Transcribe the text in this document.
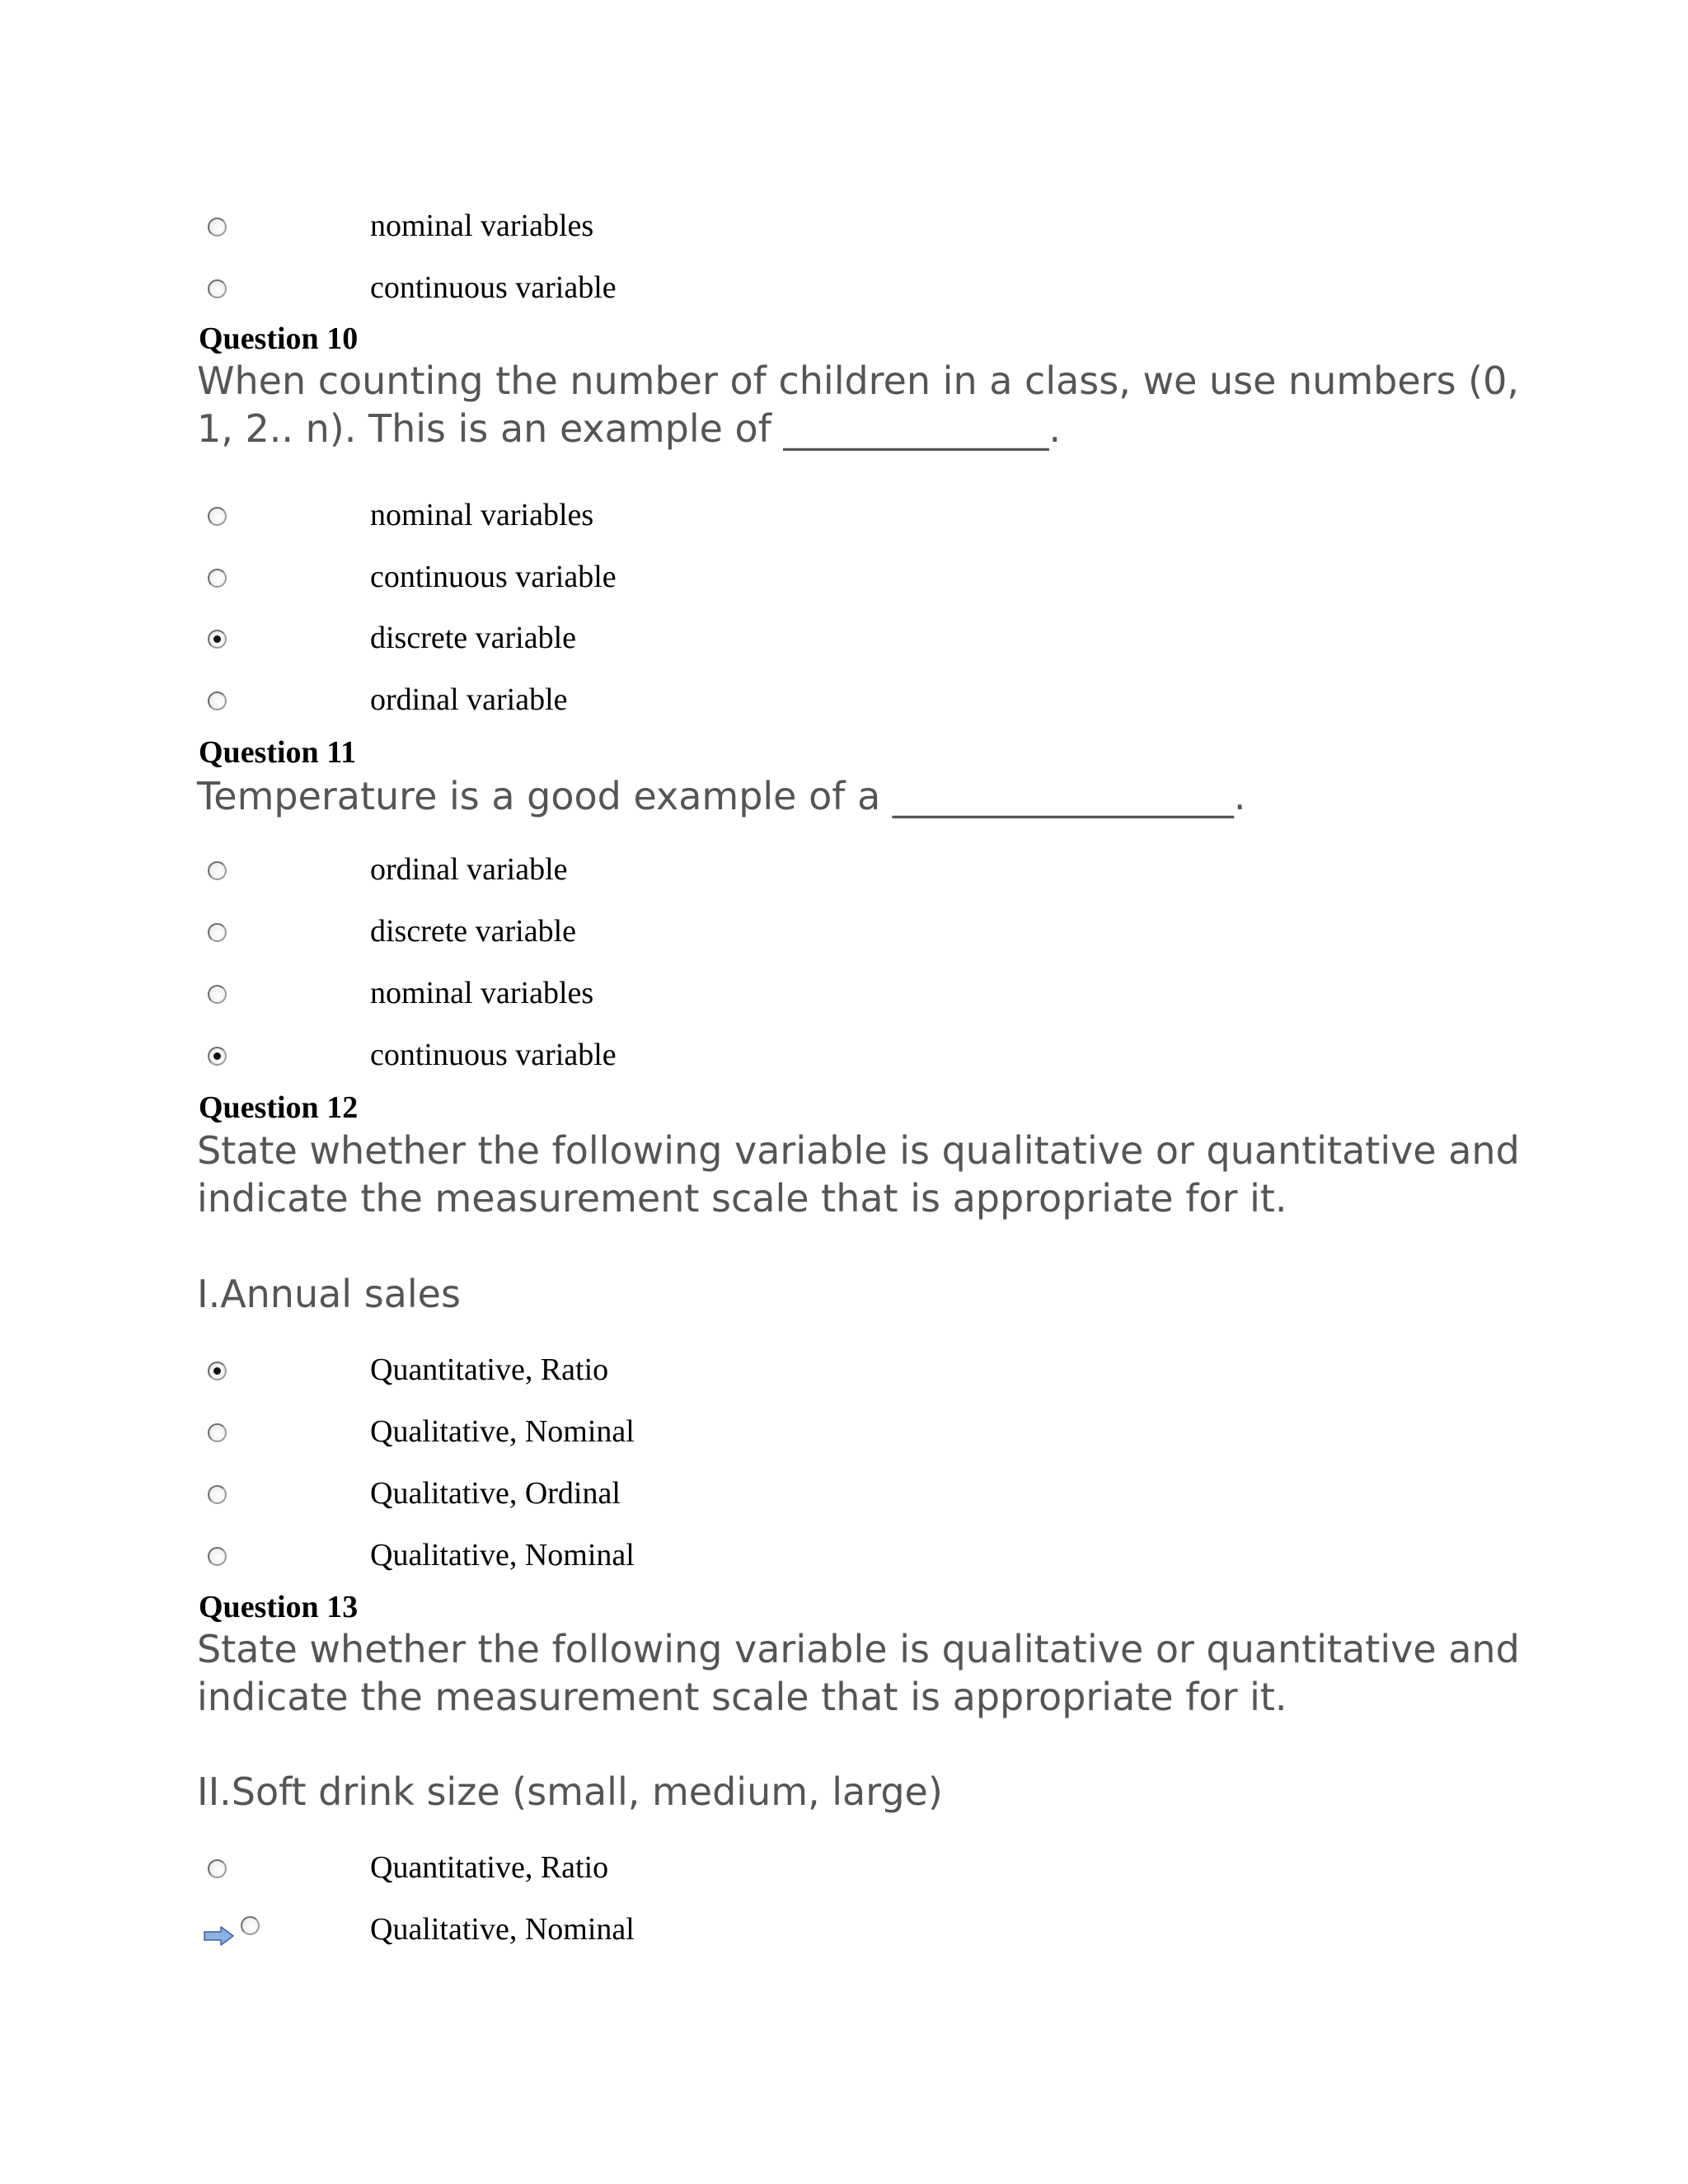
nominal variables
continuous variable
Question 10

When counting the number of children in a class, we use numbers (0, 1, 2.. n). This is an example of ______________.

nominal variables
continuous variable
discrete variable
ordinal variable
Question 11

Temperature is a good example of a __________________.

ordinal variable
discrete variable
nominal variables
continuous variable
Question 12

State whether the following variable is qualitative or quantitative and indicate the measurement scale that is appropriate for it.

I.Annual sales
Quantitative, Ratio
Qualitative, Nominal
Qualitative, Ordinal
Qualitative, Nominal
Question 13

State whether the following variable is qualitative or quantitative and indicate the measurement scale that is appropriate for it.

II.Soft drink size (small, medium, large)
Quantitative, Ratio
Qualitative, Nominal
